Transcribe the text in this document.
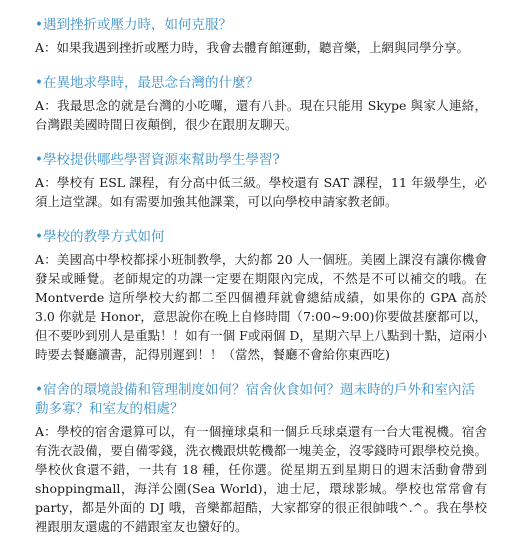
•遇到挫折或壓力時，如何克服？
A：如果我遇到挫折或壓力時，我會去體育館運動，聽音樂，上網與同學分享。
•在異地求學時，最思念台灣的什麼？
A：我最思念的就是台灣的小吃囉，還有八卦。現在只能用 Skype 與家人連絡，台灣跟美國時間日夜顛倒，很少在跟朋友聊天。
•學校提供哪些學習資源來幫助學生學習?
A：學校有 ESL 課程，有分高中低三級。學校還有 SAT 課程，11 年級學生，必須上這堂課。如有需要加強其他課業，可以向學校申請家教老師。
•學校的教學方式如何
A：美國高中學校都採小班制教學，大約都 20 人一個班。美國上課沒有讓你機會發呆或睡覺。老師規定的功課一定要在期限內完成，不然是不可以補交的哦。在 Montverde 這所學校大約都二至四個禮拜就會總結成績，如果你的 GPA 高於 3.0 你就是 Honor，意思說你在晚上自修時間（7:00~9:00)你要做甚麼都可以，但不要吵到別人是重點！！如有一個 F或兩個 D，星期六早上八點到十點，這兩小時要去餐廳讀書，記得別遲到！！（當然，餐廳不會給你東西吃)
•宿舍的環境設備和管理制度如何？宿舍伙食如何？週末時的戶外和室內活動多寡？和室友的相處？
A：學校的宿舍還算可以，有一個撞球桌和一個乒乓球桌還有一台大電視機。宿舍有洗衣設備，要自備零錢，洗衣機跟烘乾機都一塊美金，沒零錢時可跟學校兑換。學校伙食還不錯，一共有 18 種，任你選。從星期五到星期日的週末活動會帶到 shoppingmall，海洋公園(Sea World)，迪士尼，環球影城。學校也常常會有 party，都是外面的 DJ 哦，音樂都超酷，大家都穿的很正很帥哦^.^。我在學校裡跟朋友還處的不錯跟室友也蠻好的。
